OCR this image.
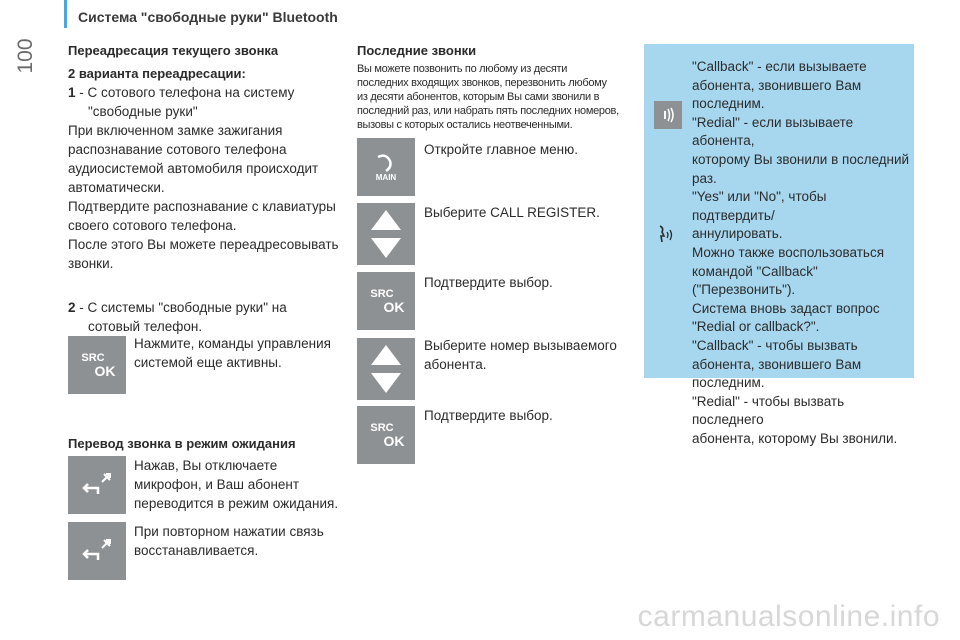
100
Система "свободные руки" Bluetooth
Переадресация текущего звонка
2 варианта переадресации:
1 - С сотового телефона на систему
"свободные руки"
При включенном замке зажигания
распознавание сотового телефона
аудиосистемой автомобиля происходит
автоматически.
Подтвердите распознавание с клавиатуры
своего сотового телефона.
После этого Вы можете переадресовывать
звонки.
2 - С системы "свободные руки" на
сотовый телефон.
SRC
OK
Нажмите, команды управления
системой еще активны.
Перевод звонка в режим ожидания
Нажав, Вы отключаете
микрофон, и Ваш абонент
переводится в режим ожидания.
При повторном нажатии связь
восстанавливается.
Последние звонки
Вы можете позвонить по любому из десяти
последних входящих звонков, перезвонить любому
из десяти абонентов, которым Вы сами звонили в
последний раз, или набрать пять последних номеров,
вызовы с которых остались неотвеченными.
MAIN
Откройте главное меню.
Выберите CALL REGISTER.
SRC
OK
Подтвердите выбор.
Выберите номер вызываемого
абонента.
SRC
OK
Подтвердите выбор.
"Callback" - если вызываете
абонента, звонившего Вам
последним.
"Redial" - если вызываете абонента,
которому Вы звонили в последний
раз.
"Yes" или "No", чтобы подтвердить/
аннулировать.
Можно также воспользоваться
командой "Callback"
("Перезвонить").
Система вновь задаст вопрос
"Redial or callback?".
"Callback" - чтобы вызвать
абонента, звонившего Вам
последним.
"Redial" - чтобы вызвать последнего
абонента, которому Вы звонили.
carmanualsonline.info
